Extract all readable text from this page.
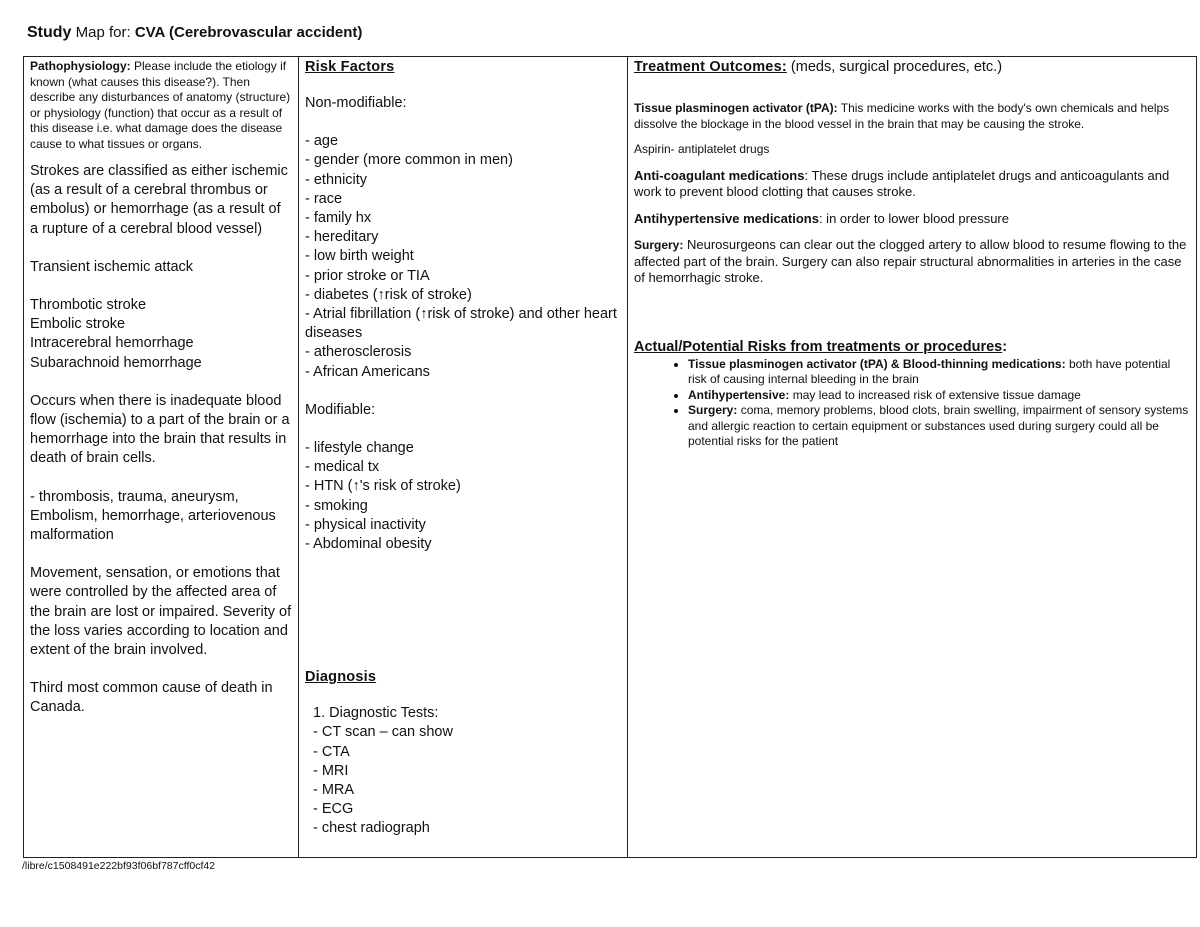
Study Map for: CVA (Cerebrovascular accident)

Pathophysiology: Please include the etiology if known (what causes this disease?). Then describe any disturbances of anatomy (structure) or physiology (function) that occur as a result of this disease i.e. what damage does the disease cause to what tissues or organs.

Strokes are classified as either ischemic (as a result of a cerebral thrombus or embolus) or hemorrhage (as a result of a rupture of a cerebral blood vessel)

Transient ischemic attack

Thrombotic stroke
Embolic stroke
Intracerebral hemorrhage
Subarachnoid hemorrhage

Occurs when there is inadequate blood flow (ischemia) to a part of the brain or a hemorrhage into the brain that results in death of brain cells.

- thrombosis, trauma, aneurysm, Embolism, hemorrhage, arteriovenous malformation

Movement, sensation, or emotions that were controlled by the affected area of the brain are lost or impaired. Severity of the loss varies according to location and extent of the brain involved.

Third most common cause of death in Canada.

Risk Factors
Non-modifiable:
- age
- gender (more common in men)
- ethnicity
- race
- family hx
- hereditary
- low birth weight
- prior stroke or TIA
- diabetes (↑risk of stroke)
- Atrial fibrillation (↑risk of stroke) and other heart diseases
- atherosclerosis
- African Americans
Modifiable:
- lifestyle change
- medical tx
- HTN (↑'s risk of stroke)
- smoking
- physical inactivity
- Abdominal obesity
Diagnosis
1. Diagnostic Tests:
- CT scan – can show
- CTA
- MRI
- MRA
- ECG
- chest radiograph

Treatment Outcomes: (meds, surgical procedures, etc.)

Tissue plasminogen activator (tPA): This medicine works with the body's own chemicals and helps dissolve the blockage in the blood vessel in the brain that may be causing the stroke.

Aspirin- antiplatelet drugs

Anti-coagulant medications: These drugs include antiplatelet drugs and anticoagulants and work to prevent blood clotting that causes stroke.

Antihypertensive medications: in order to lower blood pressure

Surgery: Neurosurgeons can clear out the clogged artery to allow blood to resume flowing to the affected part of the brain. Surgery can also repair structural abnormalities in arteries in the case of hemorrhagic stroke.

Actual/Potential Risks from treatments or procedures:
• Tissue plasminogen activator (tPA) & Blood-thinning medications: both have potential risk of causing internal bleeding in the brain
• Antihypertensive: may lead to increased risk of extensive tissue damage
• Surgery: coma, memory problems, blood clots, brain swelling, impairment of sensory systems and allergic reaction to certain equipment or substances used during surgery could all be potential risks for the patient
/libre/c1508491e222bf93f06bf787cff0cf42
